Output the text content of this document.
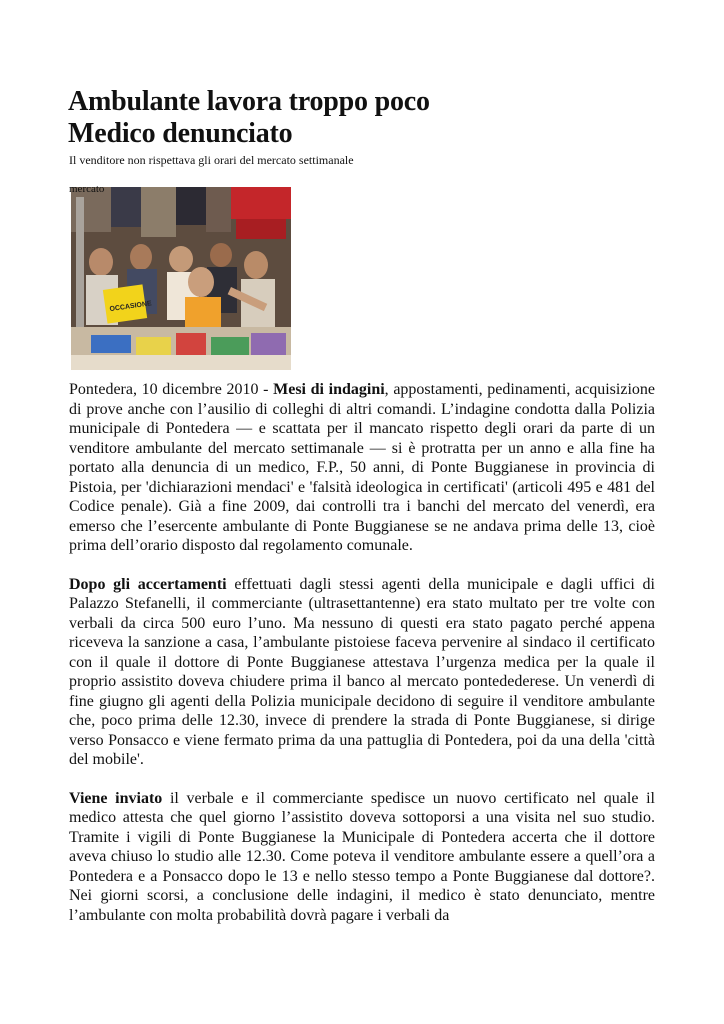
Ambulante lavora troppo poco
Medico denunciato
Il venditore non rispettava gli orari del mercato settimanale
mercato
OCCASIONE

Pontedera, 10 dicembre 2010 - Mesi di indagini, appostamenti, pedinamenti, acquisizione di prove anche con l’ausilio di colleghi di altri comandi. L’indagine condotta dalla Polizia municipale di Pontedera — e scattata per il mancato rispetto degli orari da parte di un venditore ambulante del mercato settimanale — si è protratta per un anno e alla fine ha portato alla denuncia di un medico, F.P., 50 anni, di Ponte Buggianese in provincia di Pistoia, per 'dichiarazioni mendaci' e 'falsità ideologica in certificati' (articoli 495 e 481 del Codice penale). Già a fine 2009, dai controlli tra i banchi del mercato del venerdì, era emerso che l’esercente ambulante di Ponte Buggianese se ne andava prima delle 13, cioè prima dell’orario disposto dal regolamento comunale.

Dopo gli accertamenti effettuati dagli stessi agenti della municipale e dagli uffici di Palazzo Stefanelli, il commerciante (ultrasettantenne) era stato multato per tre volte con verbali da circa 500 euro l’uno. Ma nessuno di questi era stato pagato perché appena riceveva la sanzione a casa, l’ambulante pistoiese faceva pervenire al sindaco il certificato con il quale il dottore di Ponte Buggianese attestava l’urgenza medica per la quale il proprio assistito doveva chiudere prima il banco al mercato pontedederese. Un venerdì di fine giugno gli agenti della Polizia municipale decidono di seguire il venditore ambulante che, poco prima delle 12.30, invece di prendere la strada di Ponte Buggianese, si dirige verso Ponsacco e viene fermato prima da una pattuglia di Pontedera, poi da una della 'città del mobile'.

Viene inviato il verbale e il commerciante spedisce un nuovo certificato nel quale il medico attesta che quel giorno l’assistito doveva sottoporsi a una visita nel suo studio. Tramite i vigili di Ponte Buggianese la Municipale di Pontedera accerta che il dottore aveva chiuso lo studio alle 12.30. Come poteva il venditore ambulante essere a quell’ora a Pontedera e a Ponsacco dopo le 13 e nello stesso tempo a Ponte Buggianese dal dottore?. Nei giorni scorsi, a conclusione delle indagini, il medico è stato denunciato, mentre l’ambulante con molta probabilità dovrà pagare i verbali da
